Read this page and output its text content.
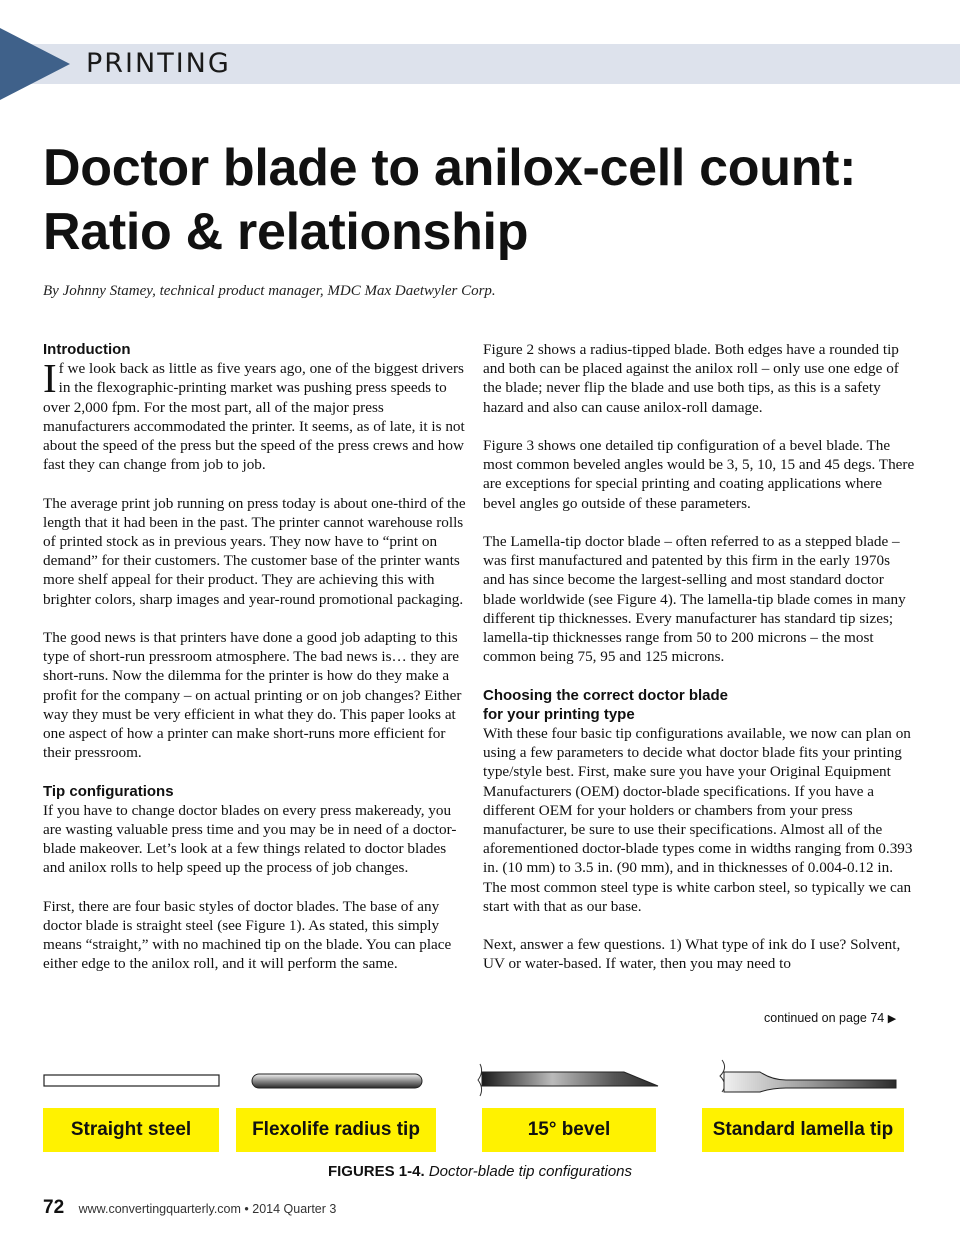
PRINTING
Doctor blade to anilox-cell count: Ratio & relationship
By Johnny Stamey, technical product manager, MDC Max Daetwyler Corp.
Introduction

If we look back as little as five years ago, one of the biggest drivers in the flexographic-printing market was pushing press speeds to over 2,000 fpm. For the most part, all of the major press manufacturers accommodated the printer. It seems, as of late, it is not about the speed of the press but the speed of the press crews and how fast they can change from job to job.

The average print job running on press today is about one-third of the length that it had been in the past. The printer cannot warehouse rolls of printed stock as in previous years. They now have to “print on demand” for their customers. The customer base of the printer wants more shelf appeal for their product. They are achieving this with brighter colors, sharp images and year-round promotional packaging.

The good news is that printers have done a good job adapting to this type of short-run pressroom atmosphere. The bad news is… they are short-runs. Now the dilemma for the printer is how do they make a profit for the company – on actual printing or on job changes? Either way they must be very efficient in what they do. This paper looks at one aspect of how a printer can make short-runs more efficient for their pressroom.

Tip configurations

If you have to change doctor blades on every press makeready, you are wasting valuable press time and you may be in need of a doctor-blade makeover. Let’s look at a few things related to doctor blades and anilox rolls to help speed up the process of job changes.

First, there are four basic styles of doctor blades. The base of any doctor blade is straight steel (see Figure 1). As stated, this simply means “straight,” with no machined tip on the blade. You can place either edge to the anilox roll, and it will perform the same.

Figure 2 shows a radius-tipped blade. Both edges have a rounded tip and both can be placed against the anilox roll – only use one edge of the blade; never flip the blade and use both tips, as this is a safety hazard and also can cause anilox-roll damage.

Figure 3 shows one detailed tip configuration of a bevel blade. The most common beveled angles would be 3, 5, 10, 15 and 45 degs. There are exceptions for special printing and coating applications where bevel angles go outside of these parameters.

The Lamella-tip doctor blade – often referred to as a stepped blade – was first manufactured and patented by this firm in the early 1970s and has since become the largest-selling and most standard doctor blade worldwide (see Figure 4). The lamella-tip blade comes in many different tip thicknesses. Every manufacturer has standard tip sizes; lamella-tip thicknesses range from 50 to 200 microns – the most common being 75, 95 and 125 microns.

Choosing the correct doctor blade
for your printing type

With these four basic tip configurations available, we now can plan on using a few parameters to decide what doctor blade fits your printing type/style best. First, make sure you have your Original Equipment Manufacturers (OEM) doctor-blade specifications. If you have a different OEM for your holders or chambers from your press manufacturer, be sure to use their specifications. Almost all of the aforementioned doctor-blade types come in widths ranging from 0.393 in. (10 mm) to 3.5 in. (90 mm), and in thicknesses of 0.004-0.12 in. The most common steel type is white carbon steel, so typically we can start with that as our base.

Next, answer a few questions. 1) What type of ink do I use? Solvent, UV or water-based. If water, then you may need to

continued on page 74 ▶
Straight steel	Flexolife radius tip	15° bevel	Standard lamella tip
FIGURES 1-4. Doctor-blade tip configurations
72 www.convertingquarterly.com • 2014 Quarter 3
